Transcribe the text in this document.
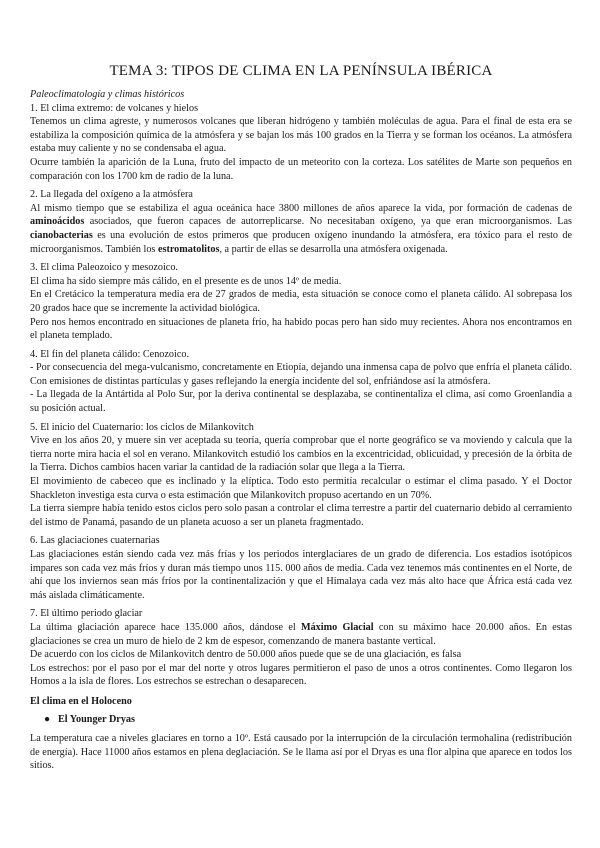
TEMA 3: TIPOS DE CLIMA EN LA PENÍNSULA IBÉRICA
Paleoclimatología y climas históricos
1. El clima extremo: de volcanes y hielos

Tenemos un clima agreste, y numerosos volcanes que liberan hidrógeno y también moléculas de agua. Para el final de esta era se estabiliza la composición química de la atmósfera y se bajan los más 100 grados en la Tierra y se forman los océanos. La atmósfera estaba muy caliente y no se condensaba el agua.

Ocurre también la aparición de la Luna, fruto del impacto de un meteorito con la corteza. Los satélites de Marte son pequeños en comparación con los 1700 km de radio de la luna.

2. La llegada del oxígeno a la atmósfera

Al mismo tiempo que se estabiliza el agua oceánica hace 3800 millones de años aparece la vida, por formación de cadenas de aminoácidos asociados, que fueron capaces de autorreplicarse. No necesitaban oxígeno, ya que eran microorganismos. Las cianobacterias es una evolución de estos primeros que producen oxígeno inundando la atmósfera, era tóxico para el resto de microorganismos. También los estromatolitos, a partir de ellas se desarrolla una atmósfera oxigenada.

3. El clima Paleozoico y mesozoico.

El clima ha sido siempre más cálido, en el presente es de unos 14º de media.

En el Cretácico la temperatura media era de 27 grados de media, esta situación se conoce como el planeta cálido. Al sobrepasa los 20 grados hace que se incremente la actividad biológica.

Pero nos hemos encontrado en situaciones de planeta frío, ha habido pocas pero han sido muy recientes. Ahora nos encontramos en el planeta templado.

4. El fin del planeta cálido: Cenozoico.

- Por consecuencia del mega-vulcanismo, concretamente en Etiopía, dejando una inmensa capa de polvo que enfría el planeta cálido. Con emisiones de distintas partículas y gases reflejando la energía incidente del sol, enfriándose así la atmósfera.

- La llegada de la Antártida al Polo Sur, por la deriva continental se desplazaba, se continentaliza el clima, así como Groenlandia a su posición actual.

5. El inicio del Cuaternario: los ciclos de Milankovitch

Vive en los años 20, y muere sin ver aceptada su teoría, quería comprobar que el norte geográfico se va moviendo y calcula que la tierra norte mira hacia el sol en verano. Milankovitch estudió los cambios en la excentricidad, oblicuidad, y precesión de la órbita de la Tierra. Dichos cambios hacen variar la cantidad de la radiación solar que llega a la Tierra.

El movimiento de cabeceo que es inclinado y la elíptica. Todo esto permitía recalcular o estimar el clima pasado. Y el Doctor Shackleton investiga esta curva o esta estimación que Milankovitch propuso acertando en un 70%.

La tierra siempre había tenido estos ciclos pero solo pasan a controlar el clima terrestre a partir del cuaternario debido al cerramiento del istmo de Panamá, pasando de un planeta acuoso a ser un planeta fragmentado.

6. Las glaciaciones cuaternarias

Las glaciaciones están siendo cada vez más frías y los periodos interglaciares de un grado de diferencia. Los estadios isotópicos impares son cada vez más fríos y duran más tiempo unos 115. 000 años de media. Cada vez tenemos más continentes en el Norte, de ahí que los inviernos sean más fríos por la continentalización y que el Himalaya cada vez más alto hace que África está cada vez más aislada climáticamente.

7. El último periodo glaciar

La última glaciación aparece hace 135.000 años, dándose el Máximo Glacial con su máximo hace 20.000 años. En estas glaciaciones se crea un muro de hielo de 2 km de espesor, comenzando de manera bastante vertical.

De acuerdo con los ciclos de Milankovitch dentro de 50.000 años puede que se de una glaciación, es falsa

Los estrechos: por el paso por el mar del norte y otros lugares permitieron el paso de unos a otros continentes. Como llegaron los Homos a la isla de flores. Los estrechos se estrechan o desaparecen.

El clima en el Holoceno
● El Younger Dryas

La temperatura cae a niveles glaciares en torno a 10º. Está causado por la interrupción de la circulación termohalina (redistribución de energía). Hace 11000 años estamos en plena deglaciación. Se le llama así por el Dryas es una flor alpina que aparece en todos los sitios.
